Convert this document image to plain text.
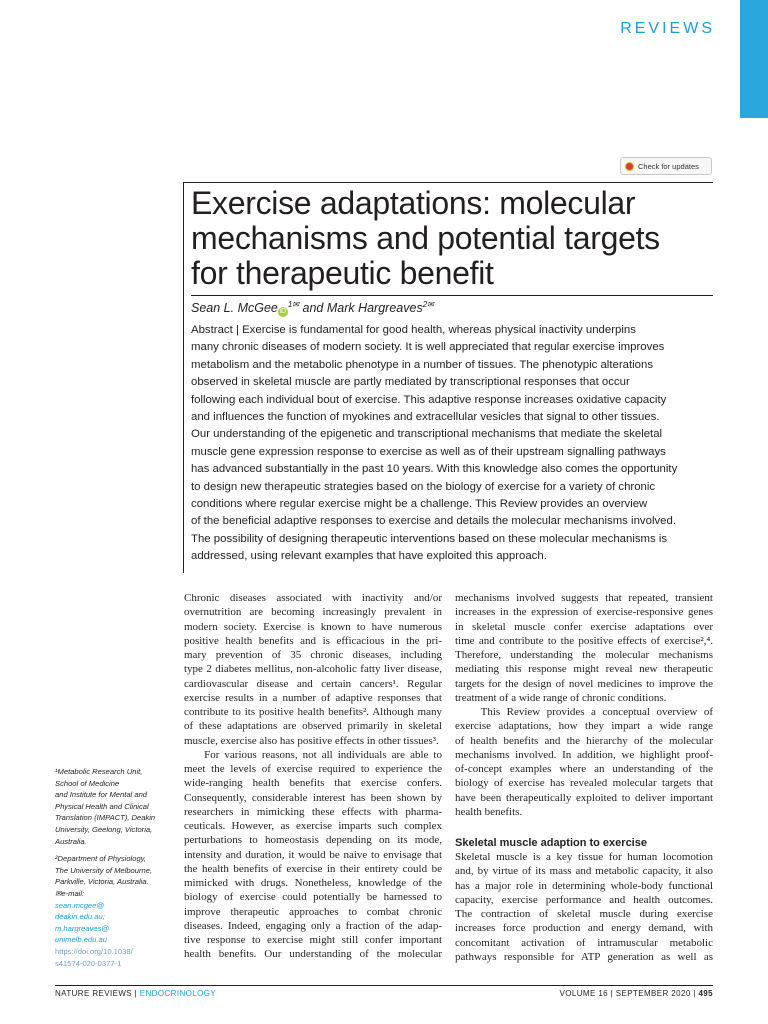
REVIEWS
Check for updates
Exercise adaptations: molecular
mechanisms and potential targets
for therapeutic benefit
Sean L. McGee $iD^{1✉}$ and Mark Hargreaves$^{2✉}$
Abstract | Exercise is fundamental for good health, whereas physical inactivity underpins
many chronic diseases of modern society. It is well appreciated that regular exercise improves
metabolism and the metabolic phenotype in a number of tissues. The phenotypic alterations
observed in skeletal muscle are partly mediated by transcriptional responses that occur
following each individual bout of exercise. This adaptive response increases oxidative capacity
and influences the function of myokines and extracellular vesicles that signal to other tissues.
Our understanding of the epigenetic and transcriptional mechanisms that mediate the skeletal
muscle gene expression response to exercise as well as of their upstream signalling pathways
has advanced substantially in the past 10 years. With this knowledge also comes the opportunity
to design new therapeutic strategies based on the biology of exercise for a variety of chronic
conditions where regular exercise might be a challenge. This Review provides an overview
of the beneficial adaptive responses to exercise and details the molecular mechanisms involved.
The possibility of designing therapeutic interventions based on these molecular mechanisms is
addressed, using relevant examples that have exploited this approach.
Chronic diseases associated with inactivity and/or
overnutrition are becoming increasingly prevalent in
modern society. Exercise is known to have numerous
positive health benefits and is efficacious in the pri-
mary prevention of 35 chronic diseases, including
type 2 diabetes mellitus, non-alcoholic fatty liver disease,
cardiovascular disease and certain cancers¹. Regular
exercise results in a number of adaptive responses that
contribute to its positive health benefits². Although many
of these adaptations are observed primarily in skeletal
muscle, exercise also has positive effects in other tissues³.
For various reasons, not all individuals are able to
meet the levels of exercise required to experience the
wide-ranging health benefits that exercise confers.
Consequently, considerable interest has been shown by
researchers in mimicking these effects with pharma-
ceuticals. However, as exercise imparts such complex
perturbations to homeostasis depending on its mode,
intensity and duration, it would be naive to envisage that
the health benefits of exercise in their entirety could be
mimicked with drugs. Nonetheless, knowledge of the
biology of exercise could potentially be harnessed to
improve therapeutic approaches to combat chronic
diseases. Indeed, engaging only a fraction of the adap-
tive response to exercise might still confer important
health benefits. Our understanding of the molecular
mechanisms involved suggests that repeated, transient
increases in the expression of exercise-responsive genes
in skeletal muscle confer exercise adaptations over
time and contribute to the positive effects of exercise²,⁴.
Therefore, understanding the molecular mechanisms
mediating this response might reveal new therapeutic
targets for the design of novel medicines to improve the
treatment of a wide range of chronic conditions.
This Review provides a conceptual overview of
exercise adaptations, how they impart a wide range
of health benefits and the hierarchy of the molecular
mechanisms involved. In addition, we highlight proof-
of-concept examples where an understanding of the
biology of exercise has revealed molecular targets that
have been therapeutically exploited to deliver important
health benefits.
Skeletal muscle adaption to exercise
Skeletal muscle is a key tissue for human locomotion
and, by virtue of its mass and metabolic capacity, it also
has a major role in determining whole-body functional
capacity, exercise performance and health outcomes.
The contraction of skeletal muscle during exercise
increases force production and energy demand, with
concomitant activation of intramuscular metabolic
pathways responsible for ATP generation as well as
¹Metabolic Research Unit,
School of Medicine
and Institute for Mental and
Physical Health and Clinical
Translation (IMPACT), Deakin
University, Geelong, Victoria,
Australia.
²Department of Physiology,
The University of Melbourne,
Parkville, Victoria, Australia.
✉e-mail:
sean.mcgee@
deakin.edu.au;
m.hargreaves@
unimelb.edu.au
https://doi.org/10.1038/
s41574-020-0377-1
NATURE REVIEWS | ENDOCRINOLOGY	VOLUME 16 | SEPTEMBER 2020 | 495
